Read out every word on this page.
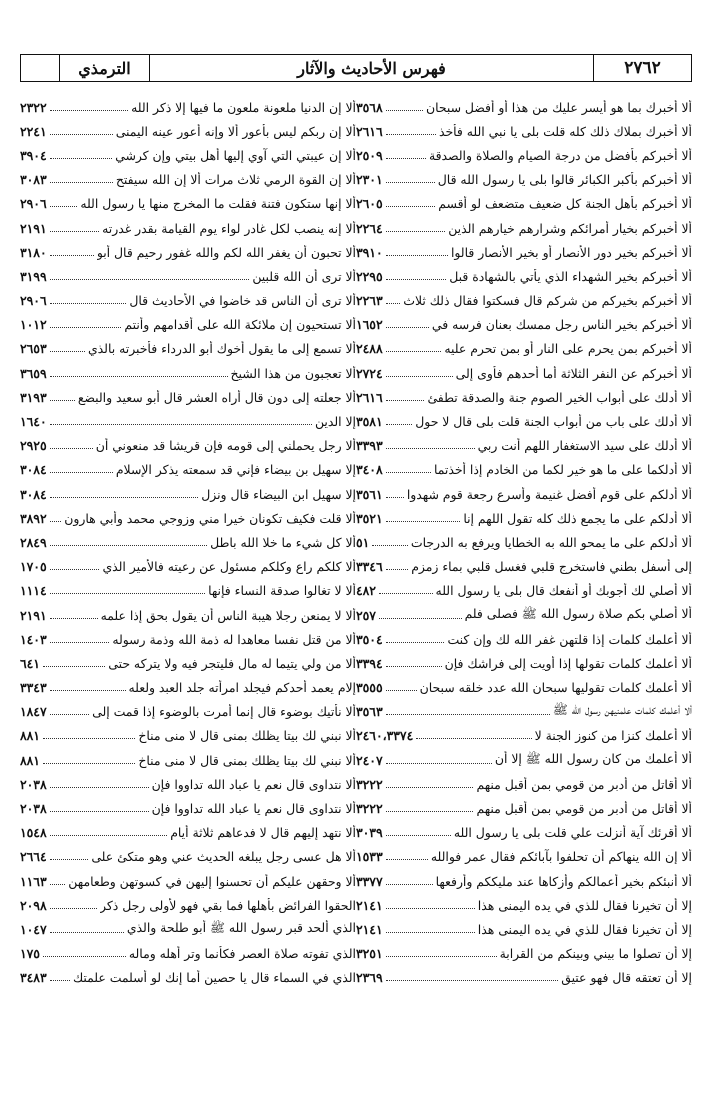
٢٧٦٢
فهرس الأحاديث والآثار
الترمذي
ألا أخبرك بما هو أيسر عليك من هذا أو أفضل سبحان
٣٥٦٨
ألا أخبرك بملاك ذلك كله قلت بلى يا نبي الله فأخذ
٢٦١٦
ألا أخبركم بأفضل من درجة الصيام والصلاة والصدقة
٢٥٠٩
ألا أخبركم بأكبر الكبائر قالوا بلى يا رسول الله قال
٢٣٠١
ألا أخبركم بأهل الجنة كل ضعيف متضعف لو أقسم
٢٦٠٥
ألا أخبركم بخيار أمرائكم وشرارهم خيارهم الذين
٢٢٦٤
ألا أخبركم بخير دور الأنصار أو بخير الأنصار قالوا
٣٩١٠
ألا أخبركم بخير الشهداء الذي يأتي بالشهادة قبل
٢٢٩٥
ألا أخبركم بخيركم من شركم قال فسكتوا فقال ذلك ثلاث
٢٢٦٣
ألا أخبركم بخير الناس رجل ممسك بعنان فرسه في
١٦٥٢
ألا أخبركم بمن يحرم على النار أو بمن تحرم عليه
٢٤٨٨
ألا أخبركم عن النفر الثلاثة أما أحدهم فأوى إلى
٢٧٢٤
ألا أدلك على أبواب الخير الصوم جنة والصدقة تطفئ
٢٦١٦
ألا أدلك على باب من أبواب الجنة قلت بلى قال لا حول
٣٥٨١
ألا أدلك على سيد الاستغفار اللهم أنت ربي
٣٣٩٣
ألا أدلكما على ما هو خير لكما من الخادم إذا أخذتما
٣٤٠٨
ألا أدلكم على قوم أفضل غنيمة وأسرع رجعة قوم شهدوا
٣٥٦١
ألا أدلكم على ما يجمع ذلك كله تقول اللهم إنا
٣٥٢١
ألا أدلكم على ما يمحو الله به الخطايا ويرفع به الدرجات
٥١
إلى أسفل بطني فاستخرج قلبي فغسل قلبي بماء زمزم
٣٣٤٦
ألا أصلي لك أجوبك أو أنفعك قال بلى يا رسول الله
٤٨٢
ألا أصلي بكم صلاة رسول الله ﷺ فصلى فلم
٢٥٧
ألا أعلمك كلمات إذا قلتهن غفر الله لك وإن كنت
٣٥٠٤
ألا أعلمك كلمات تقولها إذا أويت إلى فراشك فإن
٣٣٩٤
ألا أعلمك كلمات تقوليها سبحان الله عدد خلقه سبحان
٣٥٥٥
ألا أعلمك كلمات علمنيهن رسول الله ﷺ
٣٥٦٣
ألا أعلمك كنزا من كنوز الجنة لا
٢٤٦٠،٣٣٧٤
ألا أعلمك من كان رسول الله ﷺ إلا أن
٢٤٠٧
ألا أقاتل من أدبر من قومي بمن أقبل منهم
٣٢٢٢
ألا أقاتل من أدبر من قومي بمن أقبل منهم
٣٢٢٢
ألا أقرئك آية أنزلت علي قلت بلى يا رسول الله
٣٠٣٩
ألا إن الله ينهاكم أن تحلفوا بآبائكم فقال عمر فوالله
١٥٣٣
ألا أنبئكم بخير أعمالكم وأزكاها عند مليككم وأرفعها
٣٣٧٧
إلا أن تخيرنا فقال للذي في يده اليمنى هذا
٢١٤١
إلا أن تخيرنا فقال للذي في يده اليمنى هذا
٢١٤١
إلا أن تصلوا ما بيني وبينكم من القرابة
٣٢٥١
إلا أن تعتقه قال فهو عتيق
٢٣٦٩
ألا إن الدنيا ملعونة ملعون ما فيها إلا ذكر الله
٢٣٢٢
ألا إن ربكم ليس بأعور ألا وإنه أعور عينه اليمنى
٢٢٤١
ألا إن عيبتي التي آوي إليها أهل بيتي وإن كرشي
٣٩٠٤
ألا إن القوة الرمي ثلاث مرات ألا إن الله سيفتح
٣٠٨٣
ألا إنها ستكون فتنة فقلت ما المخرج منها يا رسول الله
٢٩٠٦
ألا إنه ينصب لكل غادر لواء يوم القيامة بقدر غدرته
٢١٩١
ألا تحبون أن يغفر الله لكم والله غفور رحيم قال أبو
٣١٨٠
ألا ترى أن الله قلبين
٣١٩٩
ألا ترى أن الناس قد خاضوا في الأحاديث قال
٢٩٠٦
ألا تستحيون إن ملائكة الله على أقدامهم وأنتم
١٠١٢
ألا تسمع إلى ما يقول أخوك أبو الدرداء فأخبرته بالذي
٢٦٥٣
ألا تعجبون من هذا الشيخ
٣٦٥٩
ألا جعلته إلى دون قال أراه العشر قال أبو سعيد والبضع
٣١٩٣
إلا الدين
١٦٤٠
ألا رجل يحملني إلى قومه فإن قريشا قد منعوني أن
٢٩٢٥
إلا سهيل بن بيضاء فإني قد سمعته يذكر الإسلام
٣٠٨٤
إلا سهيل ابن البيضاء قال ونزل
٣٠٨٤
ألا قلت فكيف تكونان خيرا مني وزوجي محمد وأبي هارون
٣٨٩٢
ألا كل شيء ما خلا الله باطل
٢٨٤٩
ألا كلكم راع وكلكم مسئول عن رعيته فالأمير الذي
١٧٠٥
ألا لا تغالوا صدقة النساء فإنها
١١١٤
ألا لا يمنعن رجلا هيبة الناس أن يقول بحق إذا علمه
٢١٩١
ألا من قتل نفسا معاهدا له ذمة الله وذمة رسوله
١٤٠٣
ألا من ولي يتيما له مال فليتجر فيه ولا يتركه حتى
٦٤١
إلام يعمد أحدكم فيجلد امرأته جلد العبد ولعله
٣٣٤٣
ألا نأتيك بوضوء قال إنما أمرت بالوضوء إذا قمت إلى
١٨٤٧
ألا نبني لك بيتا يظلك بمنى قال لا منى مناخ
٨٨١
ألا نبني لك بيتا يظلك بمنى قال لا منى مناخ
٨٨١
ألا نتداوى قال نعم يا عباد الله تداووا فإن
٢٠٣٨
ألا نتداوى قال نعم يا عباد الله تداووا فإن
٢٠٣٨
ألا نتهد إليهم قال لا فدعاهم ثلاثة أيام
١٥٤٨
ألا هل عسى رجل يبلغه الحديث عني وهو متكئ على
٢٦٦٤
ألا وحقهن عليكم أن تحسنوا إليهن في كسوتهن وطعامهن
١١٦٣
الحقوا الفرائض بأهلها فما بقي فهو لأولى رجل ذكر
٢٠٩٨
الذي ألحد قبر رسول الله ﷺ أبو طلحة والذي
١٠٤٧
الذي تفوته صلاة العصر فكأنما وتر أهله وماله
١٧٥
الذي في السماء قال يا حصين أما إنك لو أسلمت علمتك
٣٤٨٣
